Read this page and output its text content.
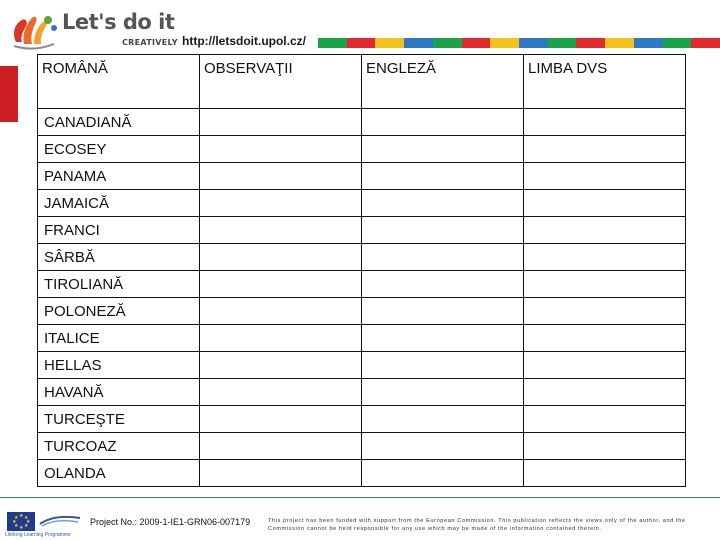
Let's do it
CREATIVELY http://letsdoit.upol.cz/
ROMÂNĂ	OBSERVAŢII	ENGLEZĂ	LIMBA DVS
CANADIANĂ			
ECOSEY			
PANAMA			
JAMAICĂ			
FRANCI			
SÂRBĂ			
TIROLIANĂ			
POLONEZĂ			
ITALICE			
HELLAS			
HAVANĂ			
TURCEŞTE			
TURCOAZ			
OLANDA			
★ ★
★
★
★
★
★
★
Lifelong Learning Programme
Project No.: 2009-1-IE1-GRN06-007179	This project has been funded with support from the European Commission. This publication reflects the views only of the author, and the Commission cannot be held responsible for any use which may be made of the information contained therein.
